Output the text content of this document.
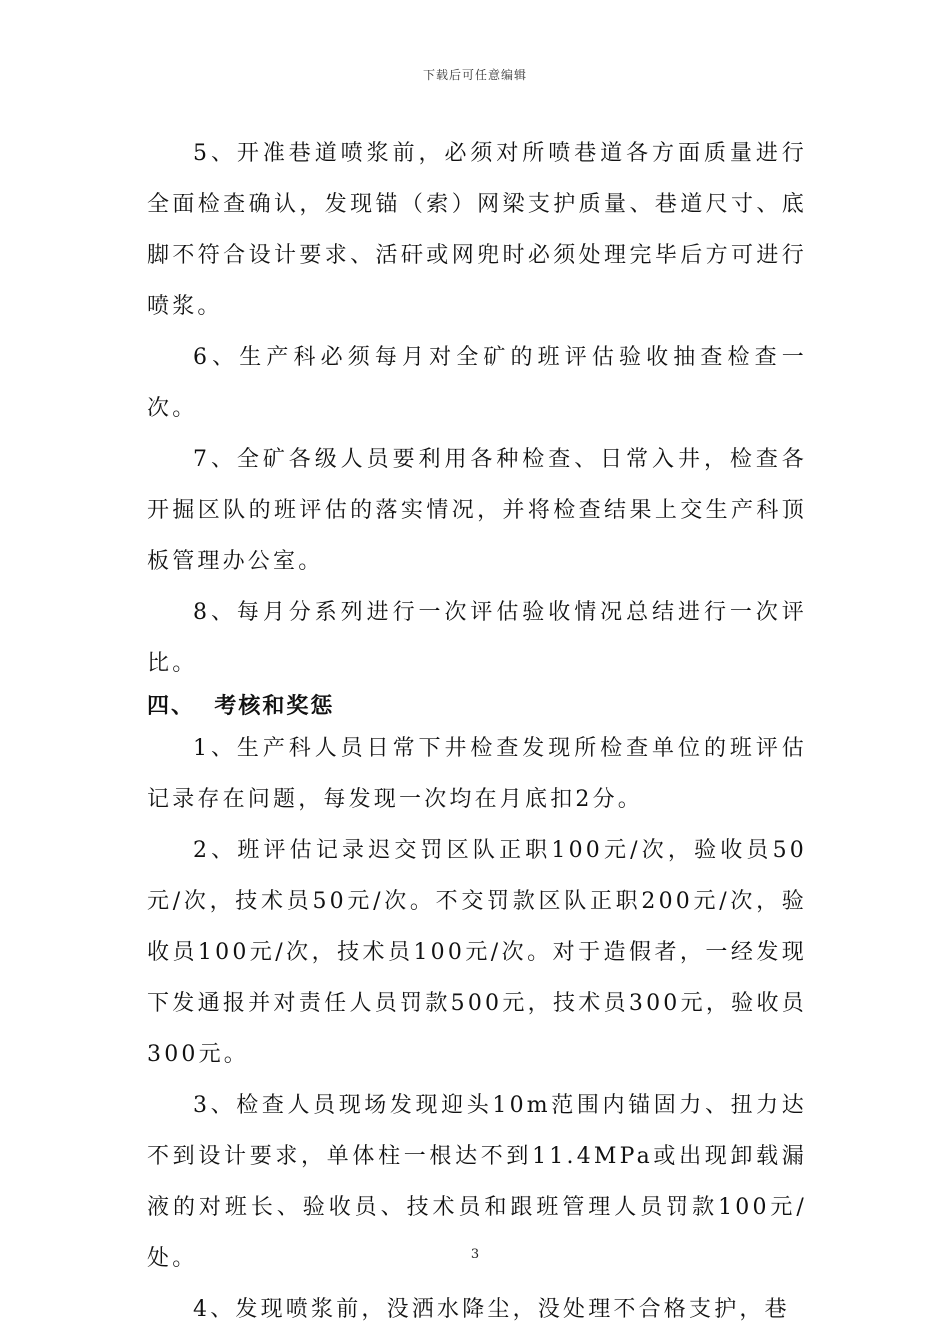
下载后可任意编辑

5、开准巷道喷浆前，必须对所喷巷道各方面质量进行全面检查确认，发现锚（索）网梁支护质量、巷道尺寸、底脚不符合设计要求、活矸或网兜时必须处理完毕后方可进行喷浆。

6、生产科必须每月对全矿的班评估验收抽查检查一次。

7、全矿各级人员要利用各种检查、日常入井，检查各开掘区队的班评估的落实情况，并将检查结果上交生产科顶板管理办公室。

8、每月分系列进行一次评估验收情况总结进行一次评比。

四、  考核和奖惩

1、生产科人员日常下井检查发现所检查单位的班评估记录存在问题，每发现一次均在月底扣2分。

2、班评估记录迟交罚区队正职100元/次，验收员50元/次，技术员50元/次。不交罚款区队正职200元/次，验收员100元/次，技术员100元/次。对于造假者，一经发现下发通报并对责任人员罚款500元，技术员300元，验收员300元。

3、检查人员现场发现迎头10m范围内锚固力、扭力达不到设计要求，单体柱一根达不到11.4MPa或出现卸载漏液的对班长、验收员、技术员和跟班管理人员罚款100元/处。

4、发现喷浆前，没洒水降尘，没处理不合格支护，巷

3
